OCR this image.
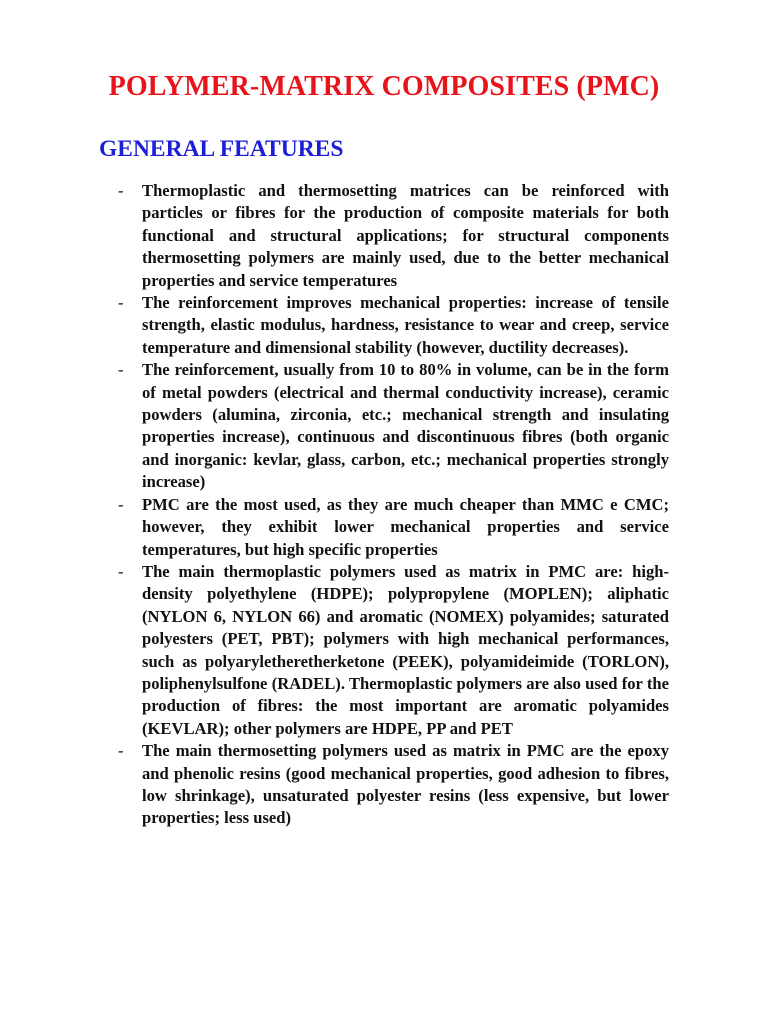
POLYMER-MATRIX COMPOSITES (PMC)
GENERAL FEATURES
- Thermoplastic and thermosetting matrices can be reinforced with particles or fibres for the production of composite materials for both functional and structural applications; for structural components thermosetting polymers are mainly used, due to the better mechanical properties and service temperatures
- The reinforcement improves mechanical properties: increase of tensile strength, elastic modulus, hardness, resistance to wear and creep, service temperature and dimensional stability (however, ductility decreases).
- The reinforcement, usually from 10 to 80% in volume, can be in the form of metal powders (electrical and thermal conductivity increase), ceramic powders (alumina, zirconia, etc.; mechanical strength and insulating properties increase), continuous and discontinuous fibres (both organic and inorganic: kevlar, glass, carbon, etc.; mechanical properties strongly increase)
- PMC are the most used, as they are much cheaper than MMC e CMC; however, they exhibit lower mechanical properties and service temperatures, but high specific properties
- The main thermoplastic polymers used as matrix in PMC are: high-density polyethylene (HDPE); polypropylene (MOPLEN); aliphatic (NYLON 6, NYLON 66) and aromatic (NOMEX) polyamides; saturated polyesters (PET, PBT); polymers with high mechanical performances, such as polyaryletheretherketone (PEEK), polyamideimide (TORLON), poliphenylsulfone (RADEL). Thermoplastic polymers are also used for the production of fibres: the most important are aromatic polyamides (KEVLAR); other polymers are HDPE, PP and PET
- The main thermosetting polymers used as matrix in PMC are the epoxy and phenolic resins (good mechanical properties, good adhesion to fibres, low shrinkage), unsaturated polyester resins (less expensive, but lower properties; less used)
